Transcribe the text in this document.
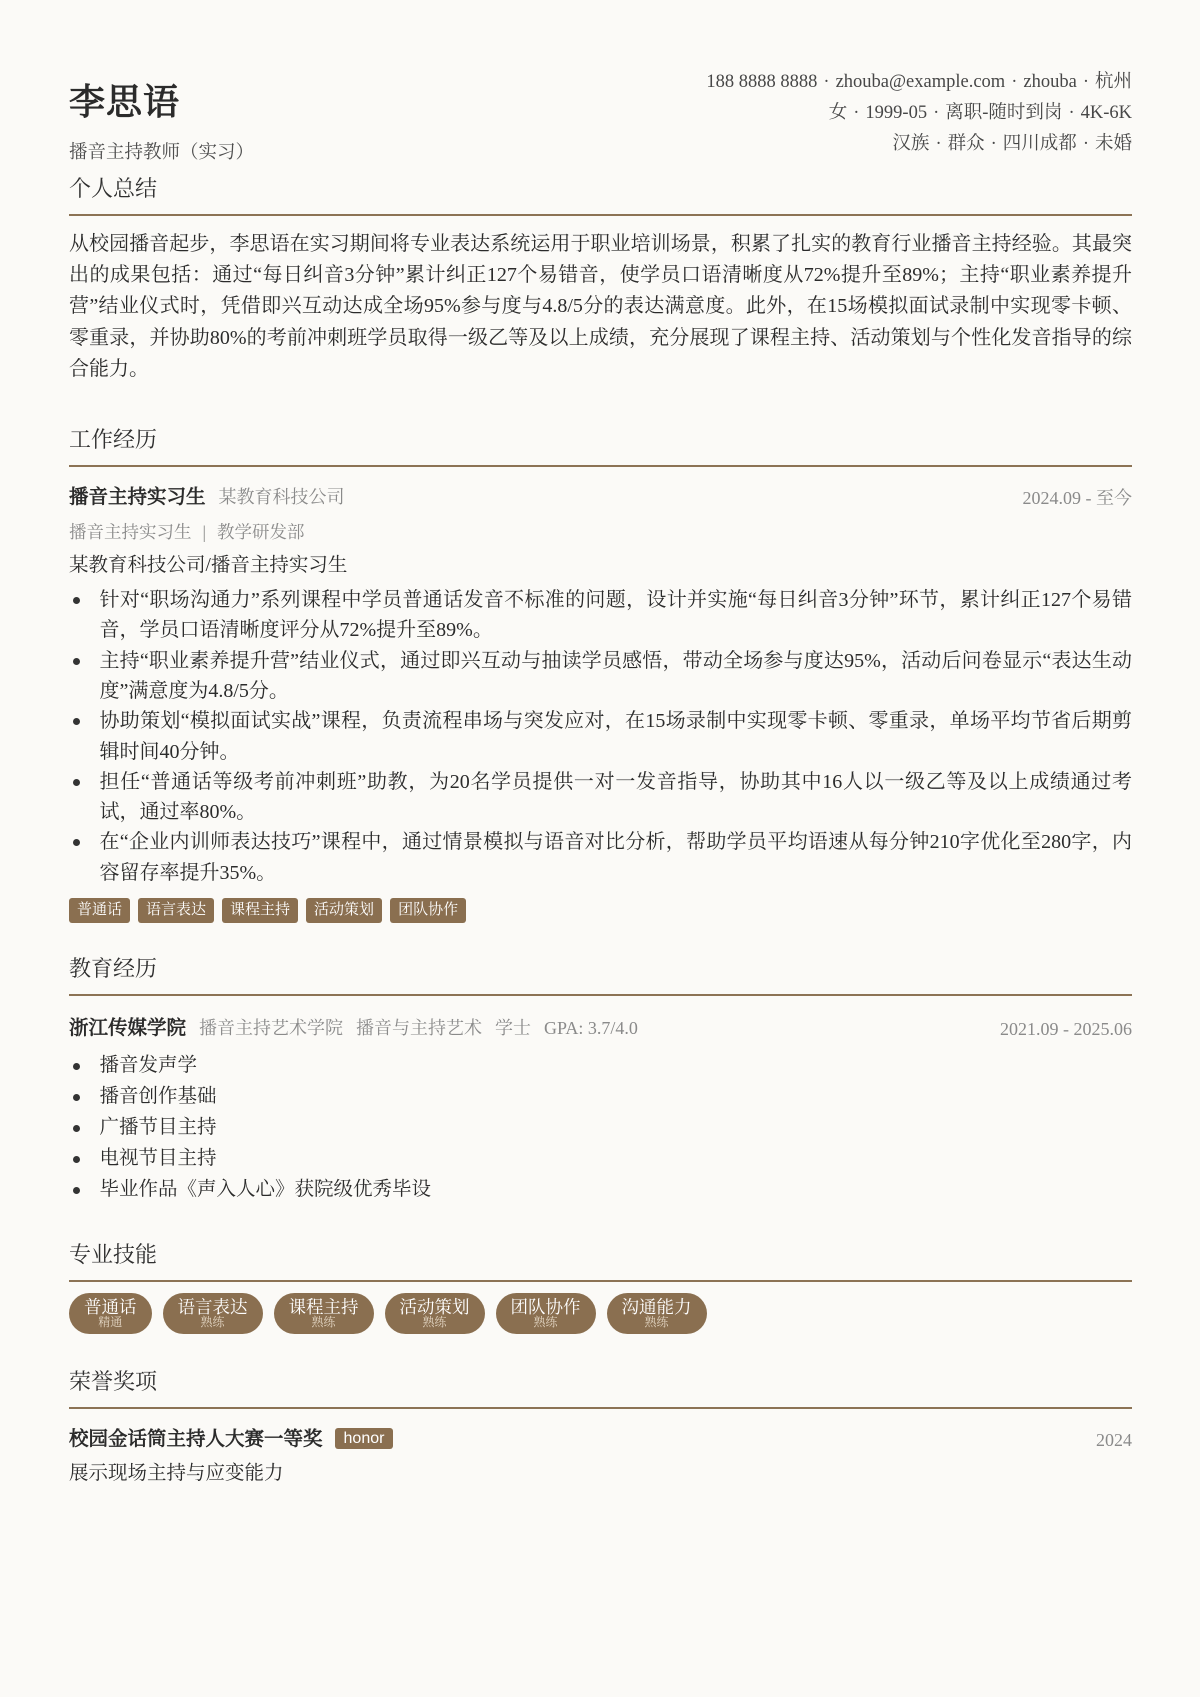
李思语
播音主持教师（实习）
188 8888 8888 · zhouba@example.com · zhouba · 杭州
女 · 1999-05 · 离职-随时到岗 · 4K-6K
汉族 · 群众 · 四川成都 · 未婚
个人总结

从校园播音起步，李思语在实习期间将专业表达系统运用于职业培训场景，积累了扎实的教育行业播音主持经验。其最突出的成果包括：通过“每日纠音3分钟”累计纠正127个易错音，使学员口语清晰度从72%提升至89%；主持“职业素养提升营”结业仪式时，凭借即兴互动达成全场95%参与度与4.8/5分的表达满意度。此外，在15场模拟面试录制中实现零卡顿、零重录，并协助80%的考前冲刺班学员取得一级乙等及以上成绩，充分展现了课程主持、活动策划与个性化发音指导的综合能力。

工作经历
播音主持实习生 某教育科技公司	2024.09 - 至今
播音主持实习生 | 教学研发部
某教育科技公司/播音主持实习生
针对“职场沟通力”系列课程中学员普通话发音不标准的问题，设计并实施“每日纠音3分钟”环节，累计纠正127个易错音，学员口语清晰度评分从72%提升至89%。
主持“职业素养提升营”结业仪式，通过即兴互动与抽读学员感悟，带动全场参与度达95%，活动后问卷显示“表达生动度”满意度为4.8/5分。
协助策划“模拟面试实战”课程，负责流程串场与突发应对，在15场录制中实现零卡顿、零重录，单场平均节省后期剪辑时间40分钟。
担任“普通话等级考前冲刺班”助教，为20名学员提供一对一发音指导，协助其中16人以一级乙等及以上成绩通过考试，通过率80%。
在“企业内训师表达技巧”课程中，通过情景模拟与语音对比分析，帮助学员平均语速从每分钟210字优化至280字，内容留存率提升35%。
普通话	语言表达	课程主持	活动策划	团队协作
教育经历
浙江传媒学院 播音主持艺术学院 播音与主持艺术 学士 GPA: 3.7/4.0	2021.09 - 2025.06
播音发声学
播音创作基础
广播节目主持
电视节目主持
毕业作品《声入人心》获院级优秀毕设
专业技能
普通话
精通
语言表达
熟练
课程主持
熟练
活动策划
熟练
团队协作
熟练
沟通能力
熟练
荣誉奖项
校园金话筒主持人大赛一等奖 honor	2024
展示现场主持与应变能力
